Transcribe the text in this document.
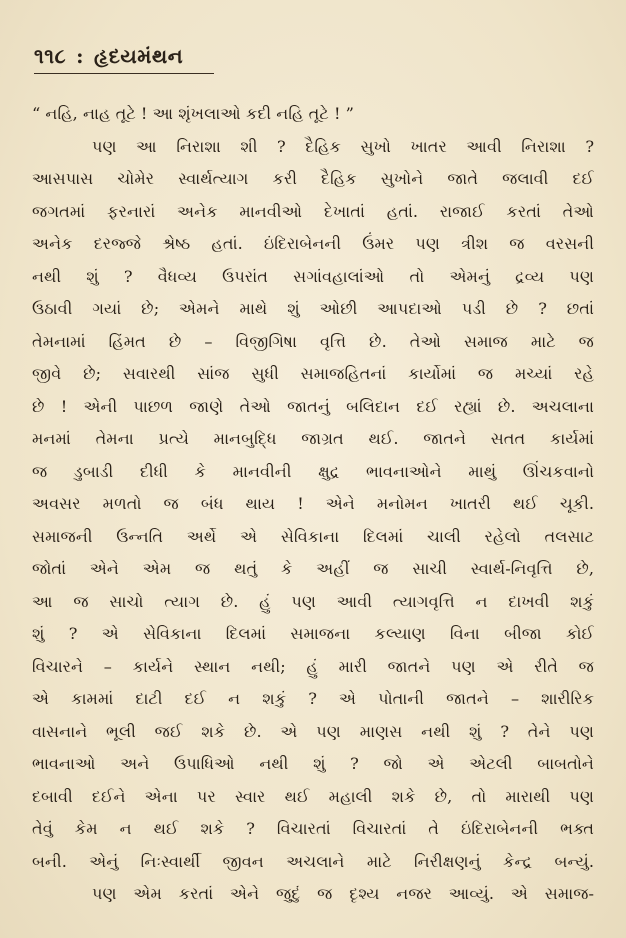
૧૧૮ : હૃદયમંથન
“ નહિ, નાહ તૂટે ! આ શૃંખલાઓ કદી નહિ તૂટે ! ”
પણ આ નિરાશા શી ? દૈહિક સુખો ખાતર આવી નિરાશા ?
આસપાસ ચોમેર સ્વાર્થત્યાગ કરી દૈહિક સુખોને જાતે જલાવી દઈ
જગતમાં ફરનારાં અનેક માનવીઓ દેખાતાં હતાં. રાજાઈ કરતાં તેઓ
અનેક દરજ્જે શ્રેષ્ઠ હતાં. ઇંદિરાબેનની ઉંમર પણ ત્રીશ જ વરસની
નથી શું ? વૈધવ્ય ઉપરાંત સગાંવહાલાંઓ તો એમનું દ્રવ્ય પણ
ઉઠાવી ગયાં છે; એમને માથે શું ઓછી આપદાઓ પડી છે ? છતાં
તેમનામાં હિંમત છે – વિજીગિષા વૃત્તિ છે. તેઓ સમાજ માટે જ
જીવે છે; સવારથી સાંજ સુધી સમાજહિતનાં કાર્યોમાં જ મચ્યાં રહે
છે ! એની પાછળ જાણે તેઓ જાતનું બલિદાન દઈ રહ્યાં છે. અચલાના
મનમાં તેમના પ્રત્યે માનબુદ્ધિ જાગ્રત થઈ. જાતને સતત કાર્યમાં
જ ડુબાડી દીધી કે માનવીની ક્ષુદ્ર ભાવનાઓને માથું ઊંચકવાનો
અવસર મળતો જ બંધ થાય ! એને મનોમન ખાતરી થઈ ચૂકી.
સમાજની ઉન્નતિ અર્થે એ સેવિકાના દિલમાં ચાલી રહેલો તલસાટ
જોતાં એને એમ જ થતું કે અહીં જ સાચી સ્વાર્થ-નિવૃત્તિ છે,
આ જ સાચો ત્યાગ છે. હું પણ આવી ત્યાગવૃત્તિ ન દાખવી શકું
શું ? એ સેવિકાના દિલમાં સમાજના કલ્યાણ વિના બીજા કોઈ
વિચારને – કાર્યને સ્થાન નથી; હું મારી જાતને પણ એ રીતે જ
એ કામમાં દાટી દઈ ન શકું ? એ પોતાની જાતને – શારીરિક
વાસનાને ભૂલી જઈ શકે છે. એ પણ માણસ નથી શું ? તેને પણ
ભાવનાઓ અને ઉપાધિઓ નથી શું ? જો એ એટલી બાબતોને
દબાવી દઈને એના પર સ્વાર થઈ મહાલી શકે છે, તો મારાથી પણ
તેવું કેમ ન થઈ શકે ? વિચારતાં વિચારતાં તે ઇંદિરાબેનની ભક્ત
બની. એનું નિઃસ્વાર્થી જીવન અચલાને માટે નિરીક્ષણનું કેન્દ્ર બન્યું.
પણ એમ કરતાં એને જુદું જ દૃશ્ય નજર આવ્યું. એ સમાજ-
